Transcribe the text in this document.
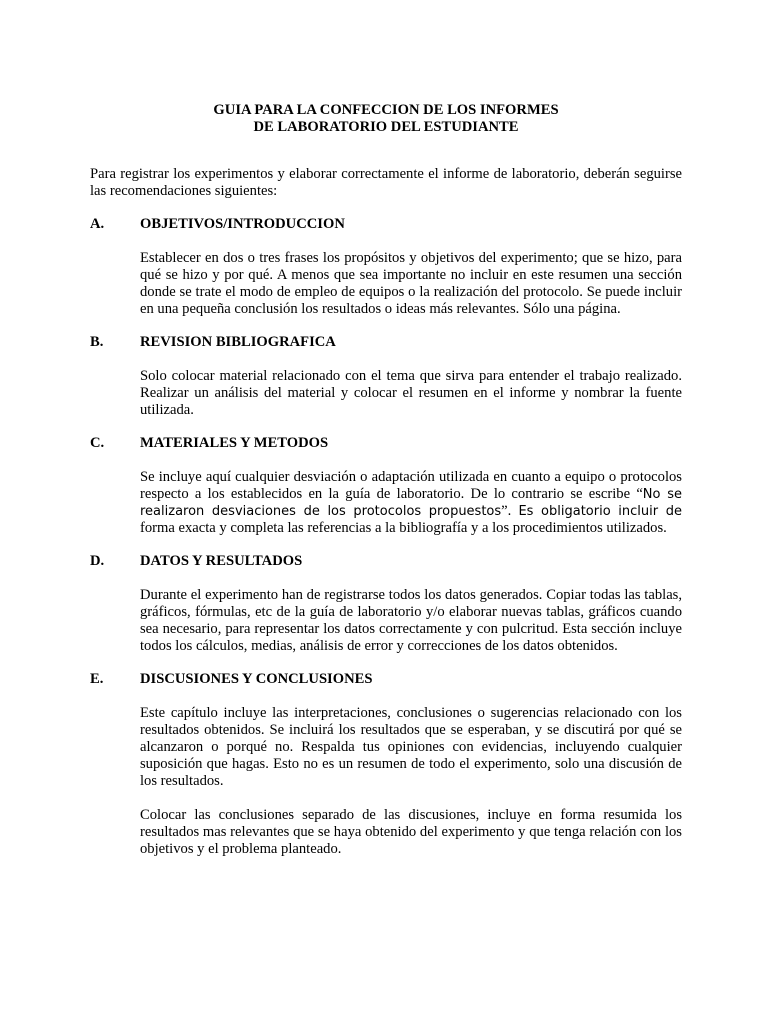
GUIA PARA LA CONFECCION DE LOS INFORMES

DE LABORATORIO DEL ESTUDIANTE

Para registrar los experimentos y elaborar correctamente el informe de laboratorio, deberán seguirse las recomendaciones siguientes:

A.	OBJETIVOS/INTRODUCCION

Establecer en dos o tres frases los propósitos y objetivos del experimento; que se hizo, para qué se hizo y por qué. A menos que sea importante no incluir en este resumen una sección donde se trate el modo de empleo de equipos o la realización del protocolo. Se puede incluir en una pequeña conclusión los resultados o ideas más relevantes. Sólo una página.

B.	REVISION BIBLIOGRAFICA

Solo colocar material relacionado con el tema que sirva para entender el trabajo realizado. Realizar un análisis del material y colocar el resumen en el informe y nombrar la fuente utilizada.

C.	MATERIALES Y METODOS

Se incluye aquí cualquier desviación o adaptación utilizada en cuanto a equipo o protocolos respecto a los establecidos en la guía de laboratorio. De lo contrario se escribe “No se realizaron desviaciones de los protocolos propuestos”. Es obligatorio incluir de forma exacta y completa las referencias a la bibliografía y a los procedimientos utilizados.

D.	DATOS Y RESULTADOS

Durante el experimento han de registrarse todos los datos generados. Copiar todas las tablas, gráficos, fórmulas, etc de la guía de laboratorio y/o elaborar nuevas tablas, gráficos cuando sea necesario, para representar los datos correctamente y con pulcritud. Esta sección incluye todos los cálculos, medias, análisis de error y correcciones de los datos obtenidos.

E.	DISCUSIONES Y CONCLUSIONES

Este capítulo incluye las interpretaciones, conclusiones o sugerencias relacionado con los resultados obtenidos. Se incluirá los resultados que se esperaban, y se discutirá por qué se alcanzaron o porqué no. Respalda tus opiniones con evidencias, incluyendo cualquier suposición que hagas. Esto no es un resumen de todo el experimento, solo una discusión de los resultados.

Colocar las conclusiones separado de las discusiones, incluye en forma resumida los resultados mas relevantes que se haya obtenido del experimento y que tenga relación con los objetivos y el problema planteado.
